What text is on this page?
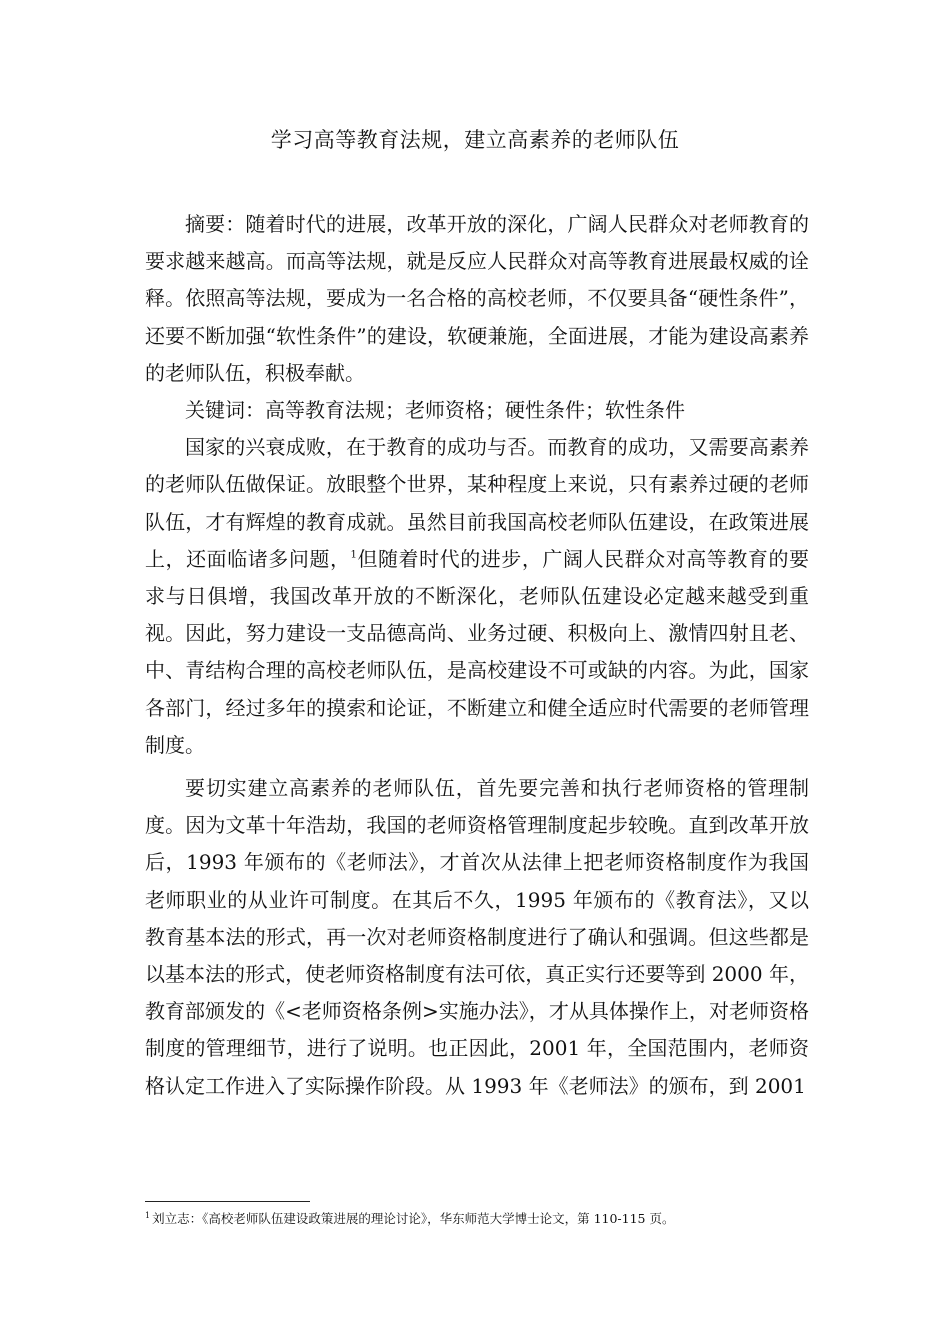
学习高等教育法规，建立高素养的老师队伍

摘要：随着时代的进展，改革开放的深化，广阔人民群众对老师教育的要求越来越高。而高等法规，就是反应人民群众对高等教育进展最权威的诠释。依照高等法规，要成为一名合格的高校老师，不仅要具备“硬性条件”，还要不断加强“软性条件”的建设，软硬兼施，全面进展，才能为建设高素养的老师队伍，积极奉献。

关键词：高等教育法规；老师资格；硬性条件；软性条件

国家的兴衰成败，在于教育的成功与否。而教育的成功，又需要高素养的老师队伍做保证。放眼整个世界，某种程度上来说，只有素养过硬的老师队伍，才有辉煌的教育成就。虽然目前我国高校老师队伍建设，在政策进展上，还面临诸多问题，$^1$但随着时代的进步，广阔人民群众对高等教育的要求与日俱增，我国改革开放的不断深化，老师队伍建设必定越来越受到重视。因此，努力建设一支品德高尚、业务过硬、积极向上、激情四射且老、中、青结构合理的高校老师队伍，是高校建设不可或缺的内容。为此，国家各部门，经过多年的摸索和论证，不断建立和健全适应时代需要的老师管理制度。

要切实建立高素养的老师队伍，首先要完善和执行老师资格的管理制度。因为文革十年浩劫，我国的老师资格管理制度起步较晚。直到改革开放后，1993 年颁布的《老师法》，才首次从法律上把老师资格制度作为我国老师职业的从业许可制度。在其后不久，1995 年颁布的《教育法》，又以教育基本法的形式，再一次对老师资格制度进行了确认和强调。但这些都是以基本法的形式，使老师资格制度有法可依，真正实行还要等到 2000 年，教育部颁发的《<老师资格条例>实施办法》，才从具体操作上，对老师资格制度的管理细节，进行了说明。也正因此，2001 年，全国范围内，老师资格认定工作进入了实际操作阶段。从 1993 年《老师法》的颁布，到 2001

$^1$ 刘立志：《高校老师队伍建设政策进展的理论讨论》，华东师范大学博士论文，第 110-115 页。
